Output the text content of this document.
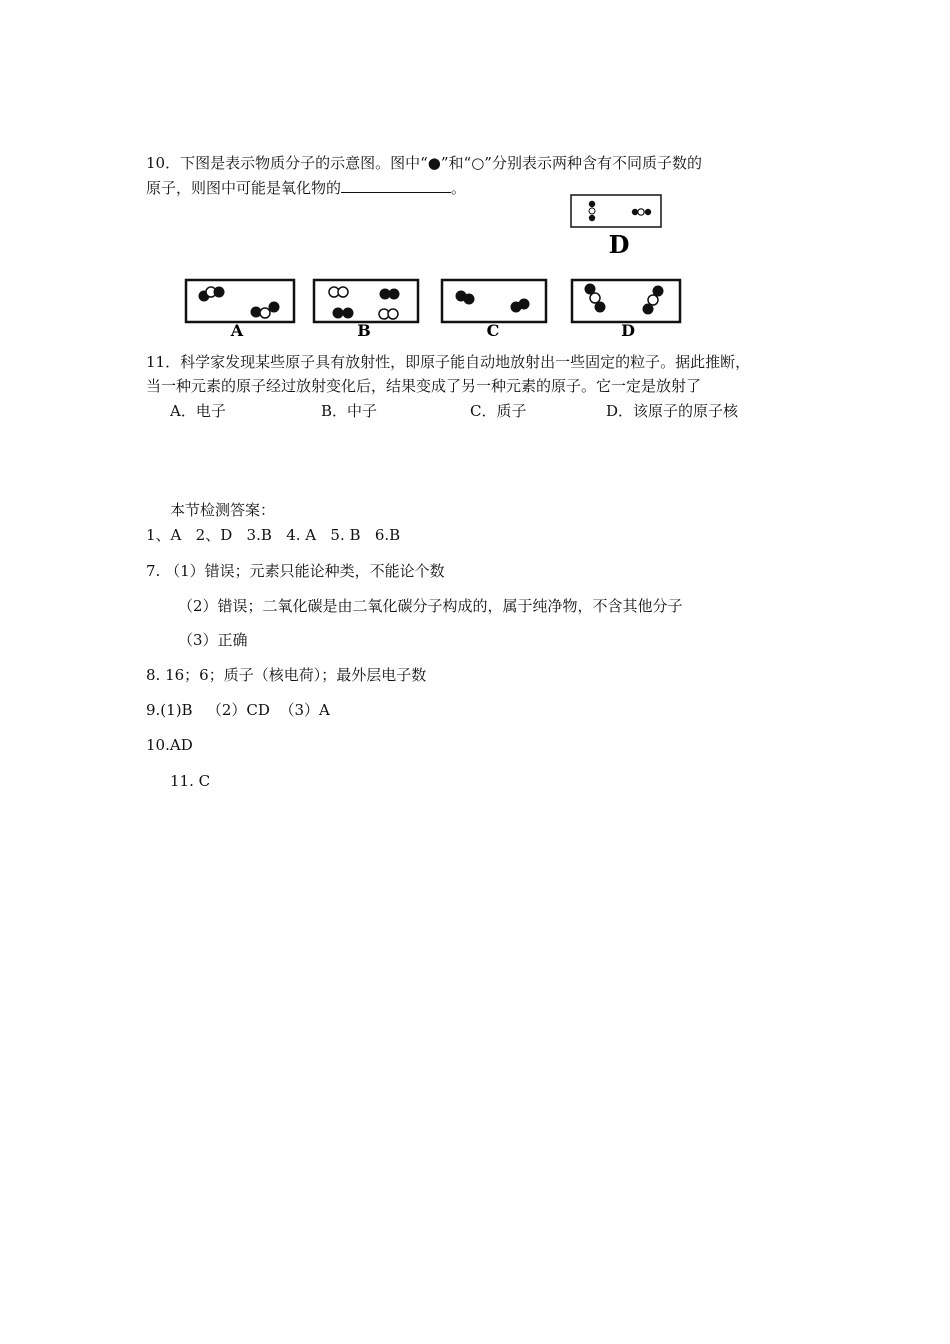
10．下图是表示物质分子的示意图。图中“●”和“○”分别表示两种含有不同质子数的
原子，则图中可能是氧化物的	。
D
A	B	C	D
11．科学家发现某些原子具有放射性，即原子能自动地放射出一些固定的粒子。据此推断，
当一种元素的原子经过放射变化后，结果变成了另一种元素的原子。它一定是放射了
A．电子	B．中子	C．质子	D．该原子的原子核
本节检测答案：
1、A   2、D   3.B   4. A   5. B   6.B
7. （1）错误；元素只能论种类，不能论个数
（2）错误；二氧化碳是由二氧化碳分子构成的，属于纯净物，不含其他分子
（3）正确
8. 16；6；质子（核电荷）；最外层电子数
9.(1)B   （2）CD  （3）A
10.AD
11. C
